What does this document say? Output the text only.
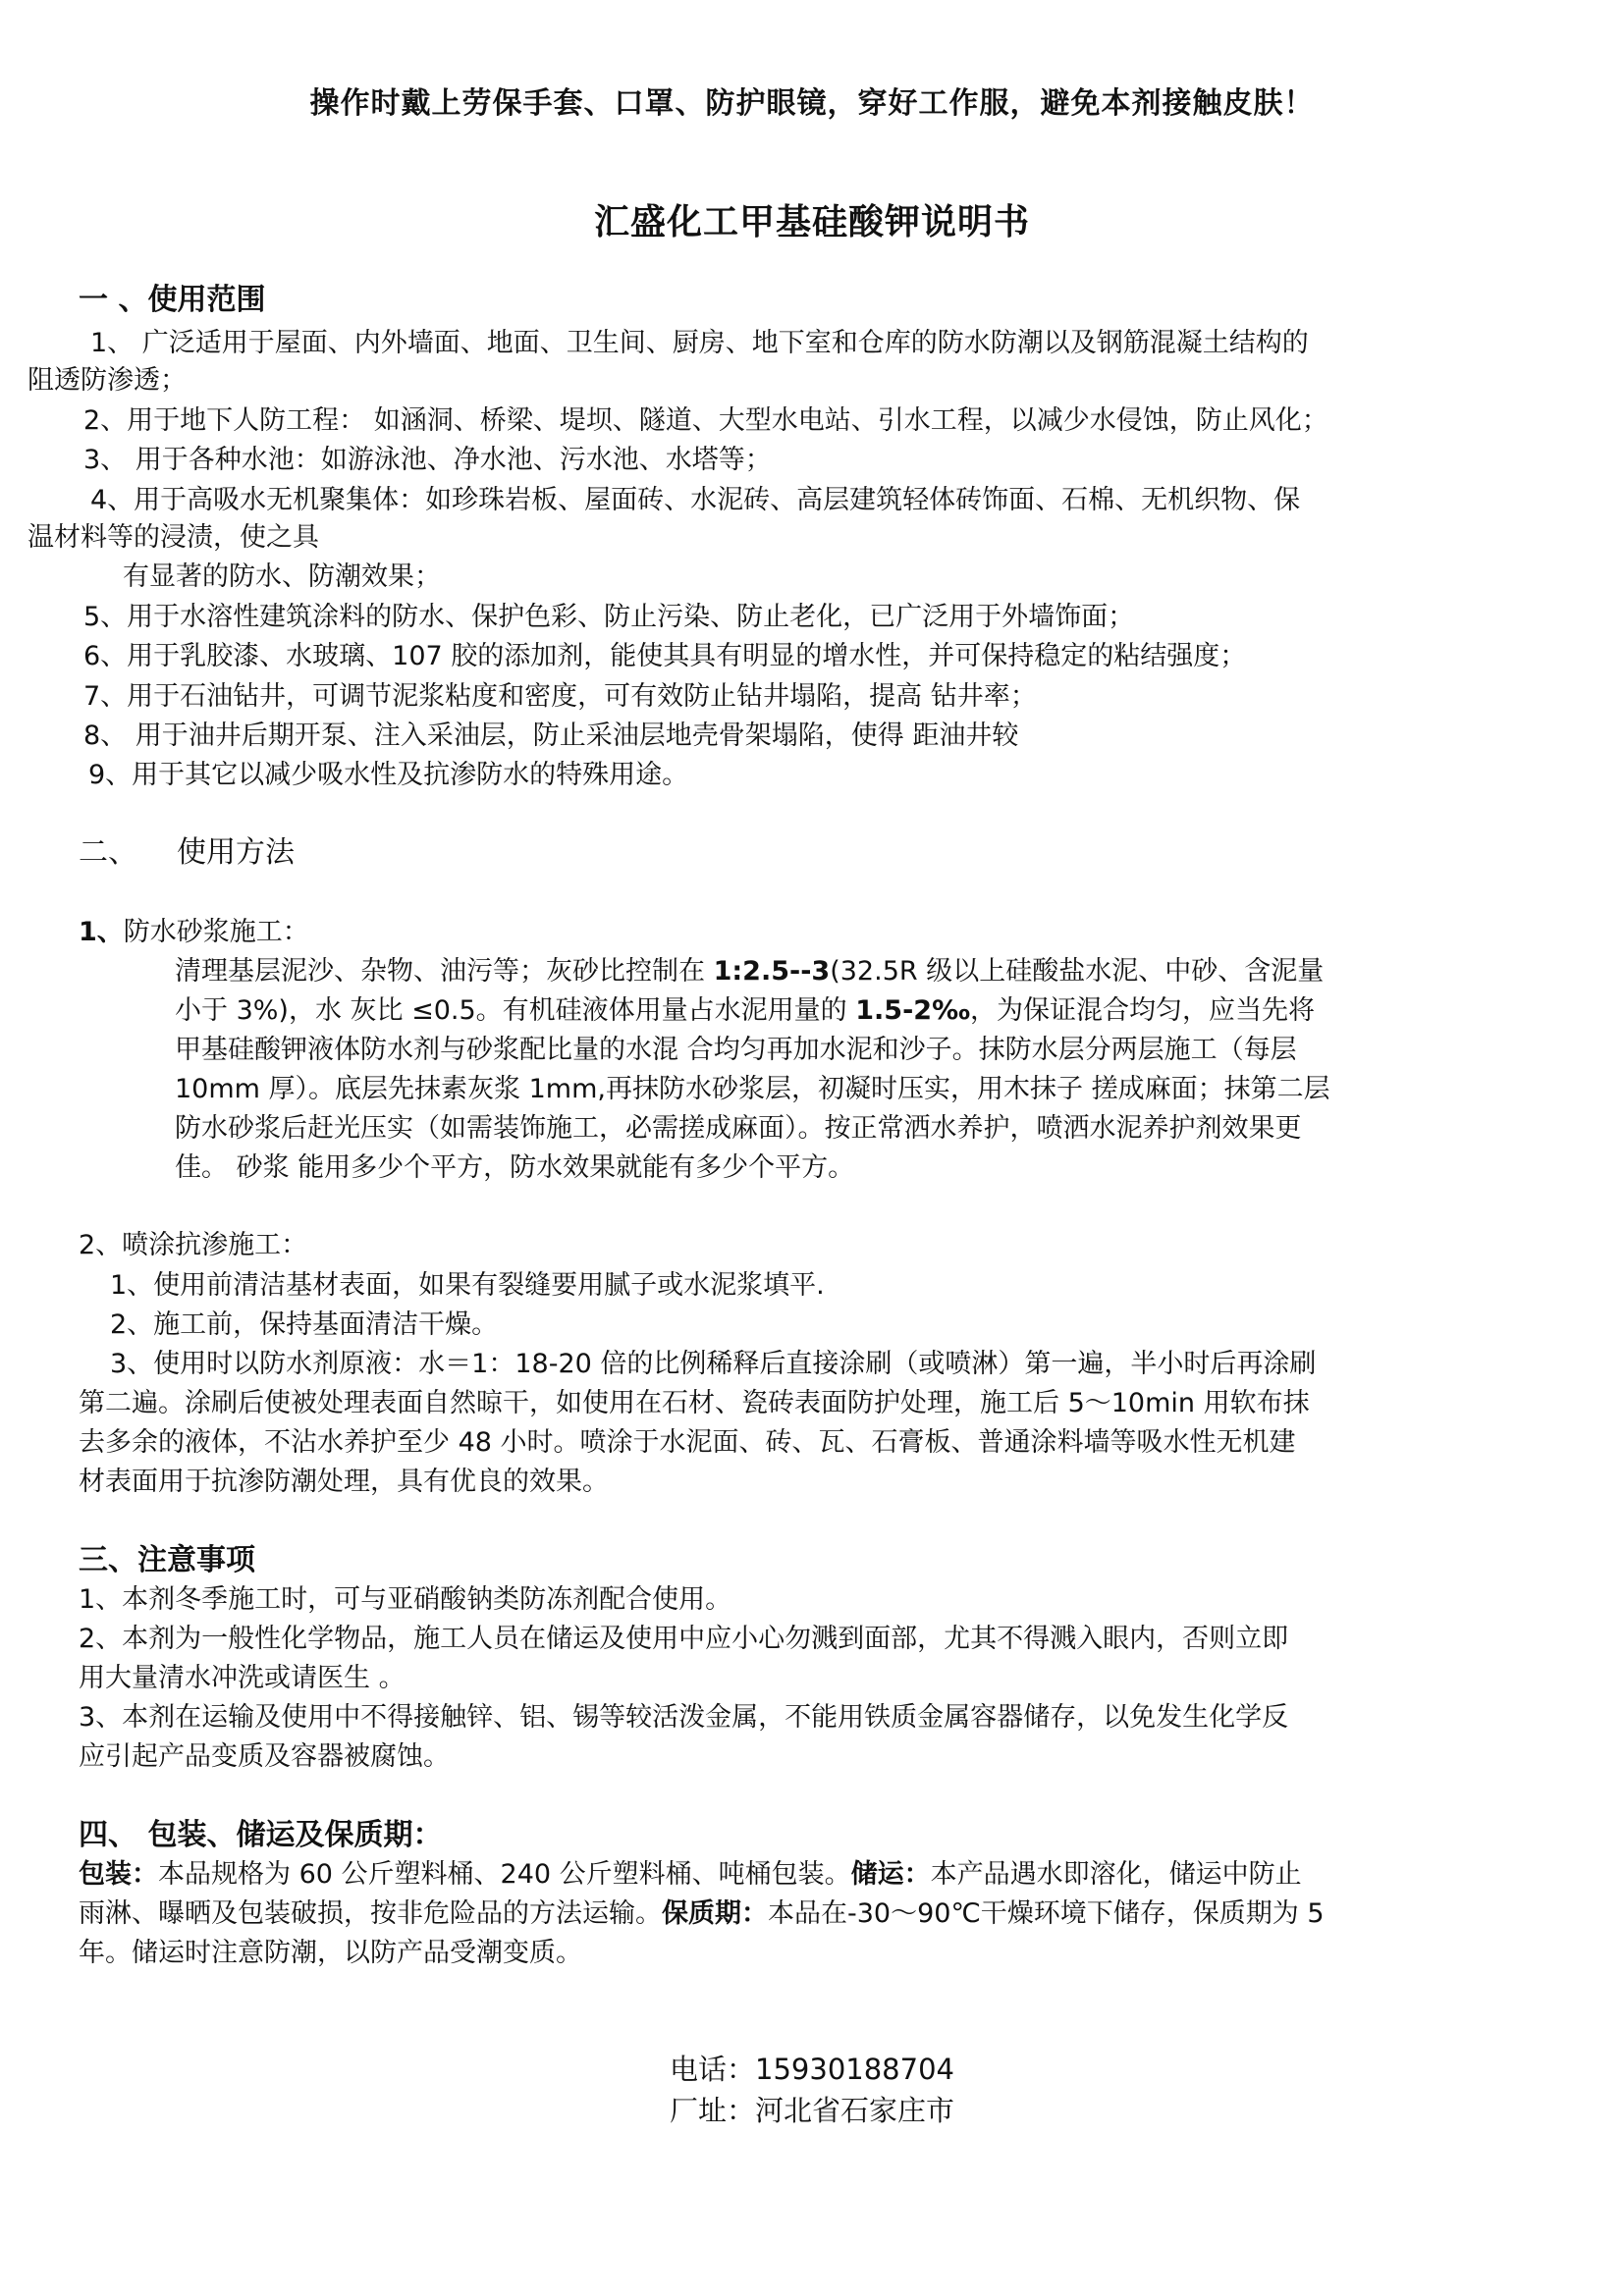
操作时戴上劳保手套、口罩、防护眼镜，穿好工作服，避免本剂接触皮肤！
汇盛化工甲基硅酸钾说明书
一 、使用范围
1、 广泛适用于屋面、内外墙面、地面、卫生间、厨房、地下室和仓库的防水防潮以及钢筋混凝土结构的
阻透防渗透；
2、用于地下人防工程： 如涵洞、桥梁、堤坝、隧道、大型水电站、引水工程，以减少水侵蚀，防止风化；
3、 用于各种水池：如游泳池、净水池、污水池、水塔等；
4、用于高吸水无机聚集体：如珍珠岩板、屋面砖、水泥砖、高层建筑轻体砖饰面、石棉、无机织物、保
温材料等的浸渍，使之具
有显著的防水、防潮效果；
5、用于水溶性建筑涂料的防水、保护色彩、防止污染、防止老化，已广泛用于外墙饰面；
6、用于乳胶漆、水玻璃、107 胶的添加剂，能使其具有明显的增水性，并可保持稳定的粘结强度；
7、用于石油钻井，可调节泥浆粘度和密度，可有效防止钻井塌陷，提高 钻井率；
8、 用于油井后期开泵、注入采油层，防止采油层地壳骨架塌陷，使得 距油井较
9、用于其它以减少吸水性及抗渗防水的特殊用途。
二、 使用方法
1、防水砂浆施工：
清理基层泥沙、杂物、油污等；灰砂比控制在 1:2.5--3(32.5R 级以上硅酸盐水泥、中砂、含泥量
小于 3%)，水 灰比 ≤0.5。有机硅液体用量占水泥用量的 1.5-2‰，为保证混合均匀，应当先将
甲基硅酸钾液体防水剂与砂浆配比量的水混 合均匀再加水泥和沙子。抹防水层分两层施工（每层
10mm 厚）。底层先抹素灰浆 1mm,再抹防水砂浆层，初凝时压实，用木抹子 搓成麻面；抹第二层
防水砂浆后赶光压实（如需装饰施工，必需搓成麻面）。按正常洒水养护，喷洒水泥养护剂效果更
佳。 砂浆 能用多少个平方，防水效果就能有多少个平方。
2、喷涂抗渗施工：
1、使用前清洁基材表面，如果有裂缝要用腻子或水泥浆填平.
2、施工前，保持基面清洁干燥。
3、使用时以防水剂原液：水＝1：18-20 倍的比例稀释后直接涂刷（或喷淋）第一遍，半小时后再涂刷
第二遍。涂刷后使被处理表面自然晾干，如使用在石材、瓷砖表面防护处理，施工后 5～10min 用软布抹
去多余的液体，不沾水养护至少 48 小时。喷涂于水泥面、砖、瓦、石膏板、普通涂料墙等吸水性无机建
材表面用于抗渗防潮处理，具有优良的效果。
三、注意事项
1、本剂冬季施工时，可与亚硝酸钠类防冻剂配合使用。
2、本剂为一般性化学物品，施工人员在储运及使用中应小心勿溅到面部，尤其不得溅入眼内，否则立即
用大量清水冲洗或请医生 。
3、本剂在运输及使用中不得接触锌、铝、锡等较活泼金属，不能用铁质金属容器储存，以免发生化学反
应引起产品变质及容器被腐蚀。
四、 包装、储运及保质期：
包装：本品规格为 60 公斤塑料桶、240 公斤塑料桶、吨桶包装。储运：本产品遇水即溶化，储运中防止
雨淋、曝晒及包装破损，按非危险品的方法运输。保质期：本品在-30～90℃干燥环境下储存，保质期为 5
年。储运时注意防潮，以防产品受潮变质。
电话：15930188704
厂址：河北省石家庄市
